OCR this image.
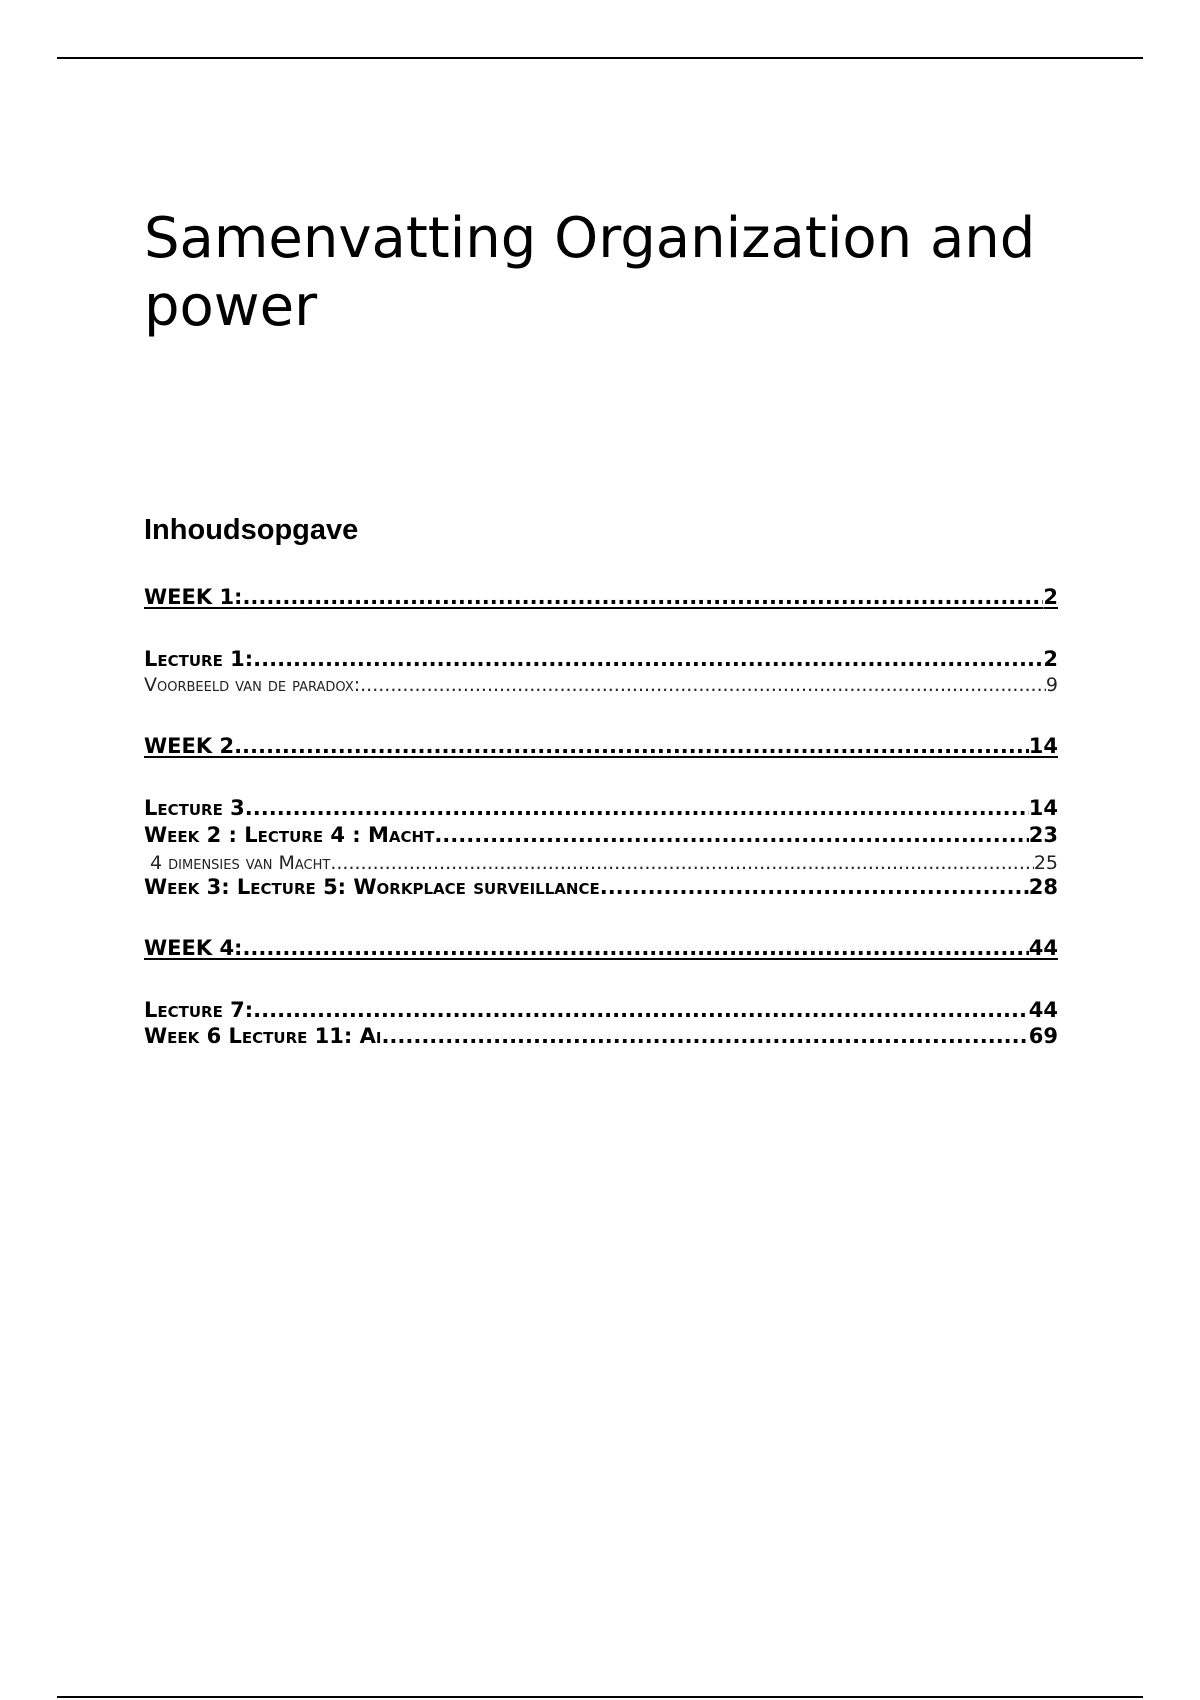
Samenvatting Organization and power
Inhoudsopgave
WEEK 1: .....	2
Lecture 1: .....	2
Voorbeeld van de paradox: .....	9
WEEK 2 .....	14
Lecture 3 .....	14
Week 2 : Lecture 4 : Macht .....	23
4 dimensies van Macht .....	25
Week 3: Lecture 5: Workplace surveillance .....	28
WEEK 4: .....	44
Lecture 7: .....	44
Week 6 Lecture 11: Ai .....	69
